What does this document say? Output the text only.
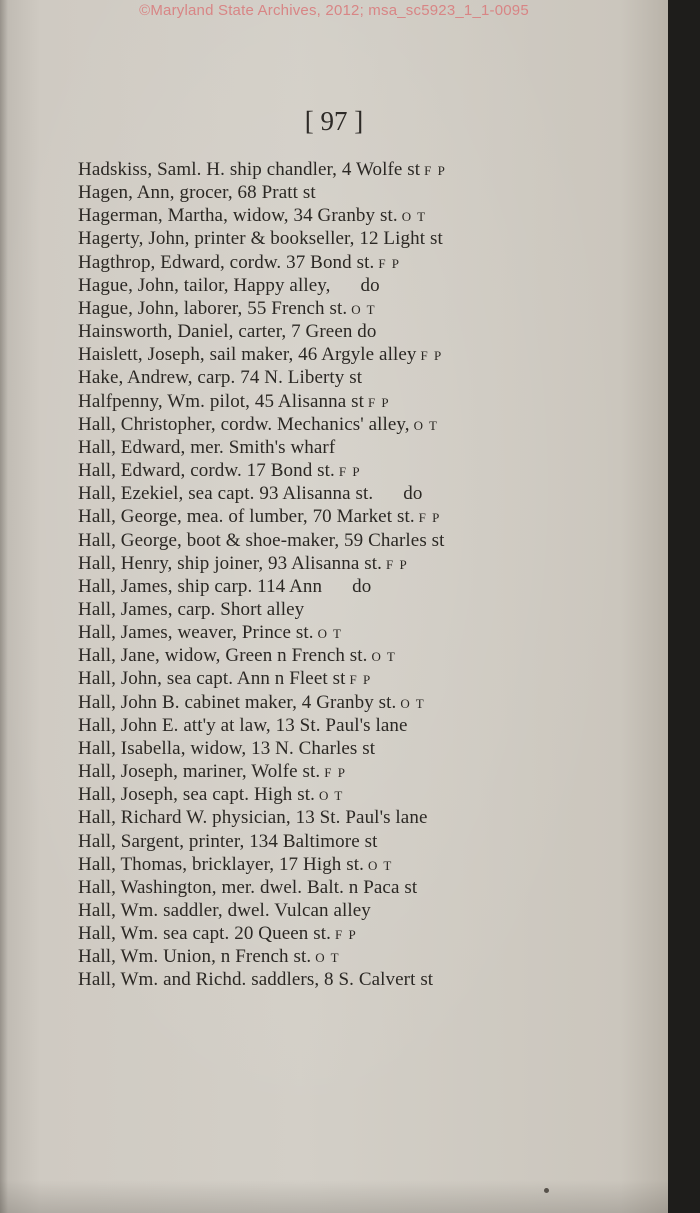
©Maryland State Archives, 2012; msa_sc5923_1_1-0095
[ 97 ]
Hadskiss, Saml. H. ship chandler, 4 Wolfe st F P
Hagen, Ann, grocer, 68 Pratt st
Hagerman, Martha, widow, 34 Granby st. O T
Hagerty, John, printer & bookseller, 12 Light st
Hagthrop, Edward, cordw. 37 Bond st. F P
Hague, John, tailor, Happy alley, do
Hague, John, laborer, 55 French st. O T
Hainsworth, Daniel, carter, 7 Green do
Haislett, Joseph, sail maker, 46 Argyle alley F P
Hake, Andrew, carp. 74 N. Liberty st
Halfpenny, Wm. pilot, 45 Alisanna st F P
Hall, Christopher, cordw. Mechanics' alley, O T
Hall, Edward, mer. Smith's wharf
Hall, Edward, cordw. 17 Bond st. F P
Hall, Ezekiel, sea capt. 93 Alisanna st. do
Hall, George, mea. of lumber, 70 Market st. F P
Hall, George, boot & shoe-maker, 59 Charles st
Hall, Henry, ship joiner, 93 Alisanna st. F P
Hall, James, ship carp. 114 Ann do
Hall, James, carp. Short alley
Hall, James, weaver, Prince st. O T
Hall, Jane, widow, Green n French st. O T
Hall, John, sea capt. Ann n Fleet st F P
Hall, John B. cabinet maker, 4 Granby st. O T
Hall, John E. att'y at law, 13 St. Paul's lane
Hall, Isabella, widow, 13 N. Charles st
Hall, Joseph, mariner, Wolfe st. F P
Hall, Joseph, sea capt. High st. O T
Hall, Richard W. physician, 13 St. Paul's lane
Hall, Sargent, printer, 134 Baltimore st
Hall, Thomas, bricklayer, 17 High st. O T
Hall, Washington, mer. dwel. Balt. n Paca st
Hall, Wm. saddler, dwel. Vulcan alley
Hall, Wm. sea capt. 20 Queen st. F P
Hall, Wm. Union, n French st. O T
Hall, Wm. and Richd. saddlers, 8 S. Calvert st
